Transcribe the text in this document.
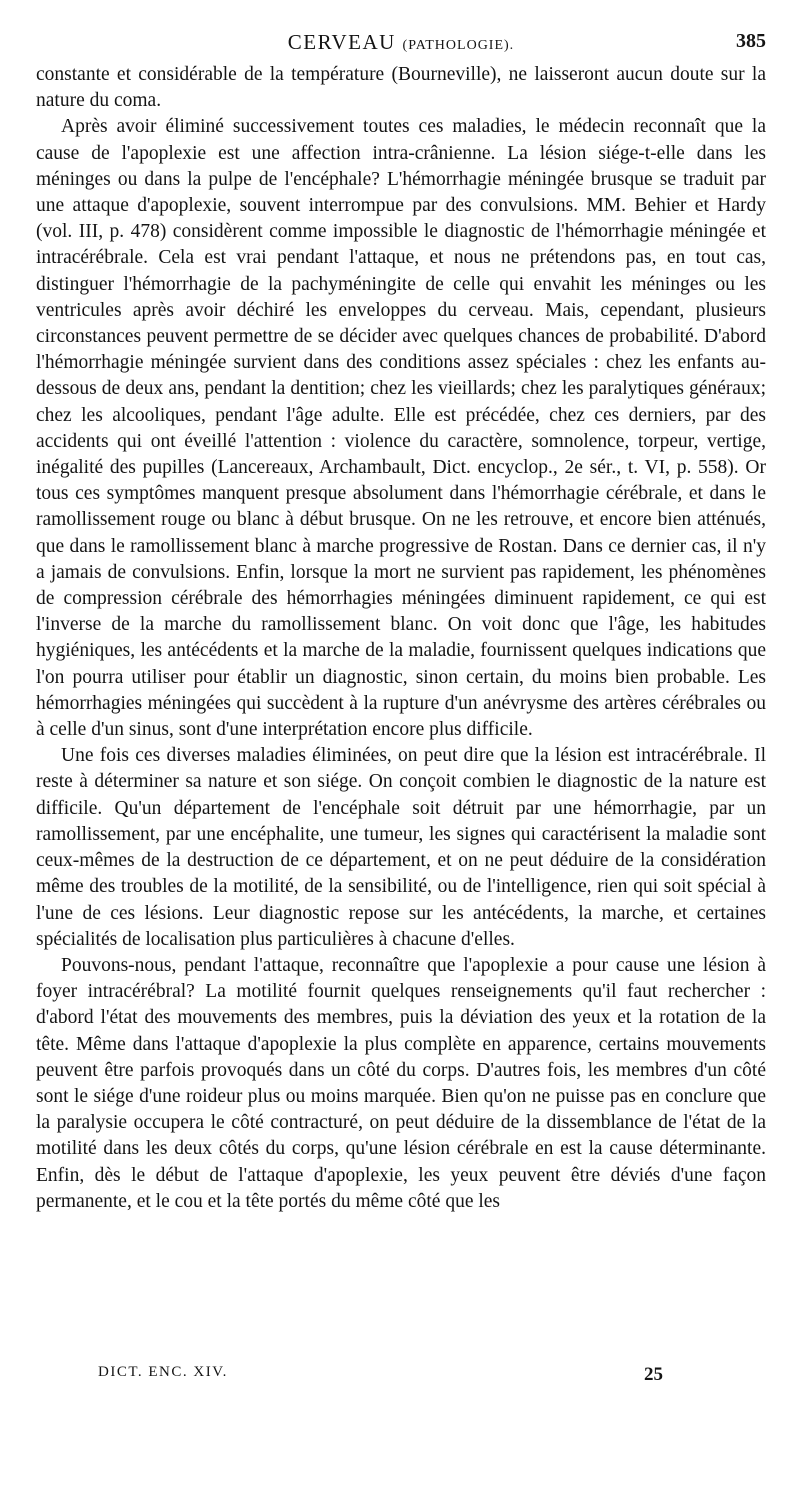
CERVEAU (PATHOLOGIE).	385

constante et considérable de la température (Bourneville), ne laisseront aucun doute sur la nature du coma.

Après avoir éliminé successivement toutes ces maladies, le médecin reconnaît que la cause de l'apoplexie est une affection intra-crânienne. La lésion siége-t-elle dans les méninges ou dans la pulpe de l'encéphale? L'hémorrhagie méningée brusque se traduit par une attaque d'apoplexie, souvent interrompue par des convulsions. MM. Behier et Hardy (vol. III, p. 478) considèrent comme impossible le diagnostic de l'hémorrhagie méningée et intracérébrale. Cela est vrai pendant l'attaque, et nous ne prétendons pas, en tout cas, distinguer l'hémorrhagie de la pachyméningite de celle qui envahit les méninges ou les ventricules après avoir déchiré les enveloppes du cerveau. Mais, cependant, plusieurs circonstances peuvent permettre de se décider avec quelques chances de probabilité. D'abord l'hémorrhagie méningée survient dans des conditions assez spéciales : chez les enfants au-dessous de deux ans, pendant la dentition; chez les vieillards; chez les paralytiques généraux; chez les alcooliques, pendant l'âge adulte. Elle est précédée, chez ces derniers, par des accidents qui ont éveillé l'attention : violence du caractère, somnolence, torpeur, vertige, inégalité des pupilles (Lancereaux, Archambault, Dict. encyclop., 2e sér., t. VI, p. 558). Or tous ces symptômes manquent presque absolument dans l'hémorrhagie cérébrale, et dans le ramollissement rouge ou blanc à début brusque. On ne les retrouve, et encore bien atténués, que dans le ramollissement blanc à marche progressive de Rostan. Dans ce dernier cas, il n'y a jamais de convulsions. Enfin, lorsque la mort ne survient pas rapidement, les phénomènes de compression cérébrale des hémorrhagies méningées diminuent rapidement, ce qui est l'inverse de la marche du ramollissement blanc. On voit donc que l'âge, les habitudes hygiéniques, les antécédents et la marche de la maladie, fournissent quelques indications que l'on pourra utiliser pour établir un diagnostic, sinon certain, du moins bien probable. Les hémorrhagies méningées qui succèdent à la rupture d'un anévrysme des artères cérébrales ou à celle d'un sinus, sont d'une interprétation encore plus difficile.

Une fois ces diverses maladies éliminées, on peut dire que la lésion est intracérébrale. Il reste à déterminer sa nature et son siége. On conçoit combien le diagnostic de la nature est difficile. Qu'un département de l'encéphale soit détruit par une hémorrhagie, par un ramollissement, par une encéphalite, une tumeur, les signes qui caractérisent la maladie sont ceux-mêmes de la destruction de ce département, et on ne peut déduire de la considération même des troubles de la motilité, de la sensibilité, ou de l'intelligence, rien qui soit spécial à l'une de ces lésions. Leur diagnostic repose sur les antécédents, la marche, et certaines spécialités de localisation plus particulières à chacune d'elles.

Pouvons-nous, pendant l'attaque, reconnaître que l'apoplexie a pour cause une lésion à foyer intracérébral? La motilité fournit quelques renseignements qu'il faut rechercher : d'abord l'état des mouvements des membres, puis la déviation des yeux et la rotation de la tête. Même dans l'attaque d'apoplexie la plus complète en apparence, certains mouvements peuvent être parfois provoqués dans un côté du corps. D'autres fois, les membres d'un côté sont le siége d'une roideur plus ou moins marquée. Bien qu'on ne puisse pas en conclure que la paralysie occupera le côté contracturé, on peut déduire de la dissemblance de l'état de la motilité dans les deux côtés du corps, qu'une lésion cérébrale en est la cause déterminante. Enfin, dès le début de l'attaque d'apoplexie, les yeux peuvent être déviés d'une façon permanente, et le cou et la tête portés du même côté que les

DICT. ENC. XIV.	25
